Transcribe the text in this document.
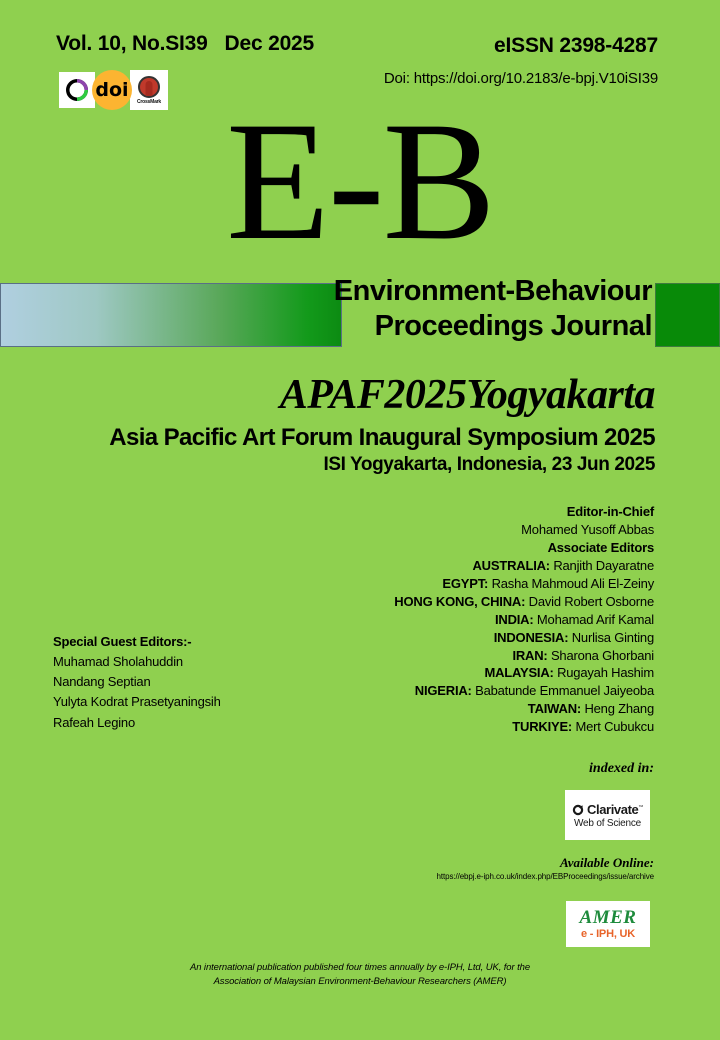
Vol. 10, No.SI39   Dec 2025	eISSN 2398-4287
Doi: https://doi.org/10.2183/e-bpj.V10iSI39
doi
CrossMark E-B
Environment-Behaviour
Proceedings Journal
APAF2025Yogyakarta
Asia Pacific Art Forum Inaugural Symposium 2025
ISI Yogyakarta, Indonesia, 23 Jun 2025
Editor-in-Chief
Mohamed Yusoff Abbas
Associate Editors
AUSTRALIA: Ranjith Dayaratne
EGYPT: Rasha Mahmoud Ali El-Zeiny
HONG KONG, CHINA: David Robert Osborne
INDIA: Mohamad Arif Kamal
INDONESIA: Nurlisa Ginting
IRAN: Sharona Ghorbani
MALAYSIA: Rugayah Hashim
NIGERIA: Babatunde Emmanuel Jaiyeoba
TAIWAN: Heng Zhang
TURKIYE: Mert Cubukcu
Special Guest Editors:-
Muhamad Sholahuddin
Nandang Septian
Yulyta Kodrat Prasetyaningsih
Rafeah Legino
indexed in:
Clarivate™
Web of Science
Available Online:
https://ebpj.e-iph.co.uk/index.php/EBProceedings/issue/archive
AMER
e - IPH, UK
An international publication published four times annually by e-IPH, Ltd, UK, for the
Association of Malaysian Environment-Behaviour Researchers (AMER)
